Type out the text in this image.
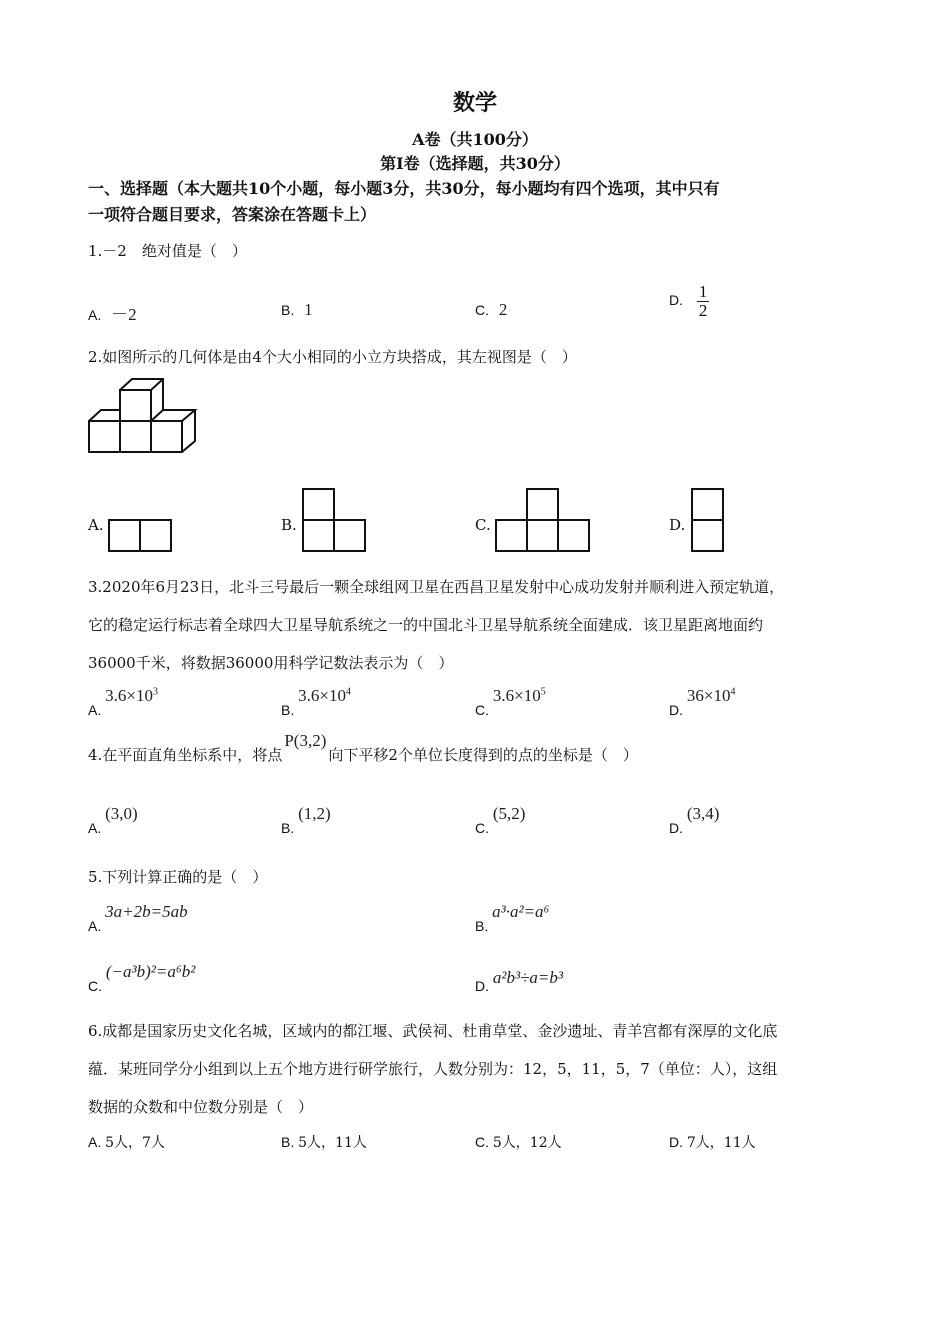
数学
A卷（共100分）
第Ⅰ卷（选择题，共30分）
一、选择题（本大题共10个小题，每小题3分，共30分，每小题均有四个选项，其中只有
一项符合题目要求，答案涂在答题卡上）
1.－2　绝对值是（　）
A. －2	B. 1	C. 2	D. $\frac{1}{2}$
2.如图所示的几何体是由4个大小相同的小立方块搭成，其左视图是（　）
A.	B.	C.	D.
3.2020年6月23日，北斗三号最后一颗全球组网卫星在西昌卫星发射中心成功发射并顺利进入预定轨道，
它的稳定运行标志着全球四大卫星导航系统之一的中国北斗卫星导航系统全面建成．该卫星距离地面约
36000千米，将数据36000用科学记数法表示为（　）
A. $3.6\times 10^3$
B. $3.6\times 10^4$
C. $3.6\times 10^5$
D. $36\times 10^4$
4.在平面直角坐标系中，将点P(3,2)向下平移2个单位长度得到的点的坐标是（　）
A. (3,0)
B. (1,2)
C. (5,2)
D. (3,4)
5.下列计算正确的是（　）
A. 3a+2b=5ab
B. a³·a²=a⁶
C. (−a³b)²=a⁶b²
D. a²b³÷a=b³
6.成都是国家历史文化名城，区域内的都江堰、武侯祠、杜甫草堂、金沙遗址、青羊宫都有深厚的文化底
蕴．某班同学分小组到以上五个地方进行研学旅行，人数分别为：12，5，11，5，7（单位：人），这组
数据的众数和中位数分别是（　）
A. 5人，7人	B. 5人，11人	C. 5人，12人	D. 7人，11人
